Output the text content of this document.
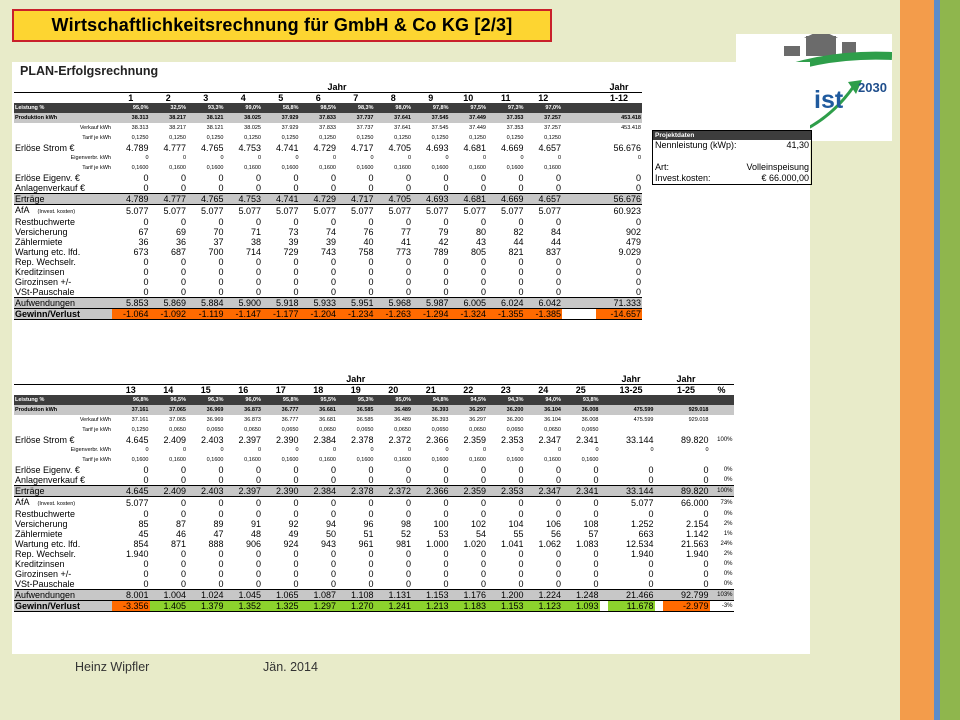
Wirtschaftlichkeitsrechnung für GmbH & Co KG [2/3]
ist 2030
PLAN-Erfolgsrechnung
	Jahr													Jahr
	1	2	3	4	5	6	7	8	9	10	11	12		1-12
Leistung %	95,0%	32,5%	93,3%	99,0%	58,8%	98,5%	98,3%	98,0%	97,8%	97,5%	97,3%	97,0%		
Produktion kWh	38.313	38.217	38.121	38.025	37.929	37.833	37.737	37.641	37.545	37.449	37.353	37.257		453.418
Verkauf kWh	38.313	38.217	38.121	38.025	37.929	37.833	37.737	37.641	37.545	37.449	37.353	37.257		453.418
Tarif je kWh	0,1250	0,1250	0,1250	0,1250	0,1250	0,1250	0,1250	0,1250	0,1250	0,1250	0,1250	0,1250		
Erlöse Strom €	4.789	4.777	4.765	4.753	4.741	4.729	4.717	4.705	4.693	4.681	4.669	4.657		56.676
Eigenverbr. kWh	0	0	0	0	0	0	0	0	0	0	0	0		0
Tarif je kWh	0,1600	0,1600	0,1600	0,1600	0,1600	0,1600	0,1600	0,1600	0,1600	0,1600	0,1600	0,1600		
Erlöse Eigenv. €	0	0	0	0	0	0	0	0	0	0	0	0		0
Anlagenverkauf €	0	0	0	0	0	0	0	0	0	0	0	0		0
Erträge	4.789	4.777	4.765	4.753	4.741	4.729	4.717	4.705	4.693	4.681	4.669	4.657		56.676
AfA (Invest. kosten)	5.077	5.077	5.077	5.077	5.077	5.077	5.077	5.077	5.077	5.077	5.077	5.077		60.923
Restbuchwerte	0	0	0	0	0	0	0	0	0	0	0	0		0
Versicherung	67	69	70	71	73	74	76	77	79	80	82	84		902
Zählermiete	36	36	37	38	39	39	40	41	42	43	44	44		479
Wartung etc. lfd.	673	687	700	714	729	743	758	773	789	805	821	837		9.029
Rep. Wechselr.	0	0	0	0	0	0	0	0	0	0	0	0		0
Kreditzinsen	0	0	0	0	0	0	0	0	0	0	0	0		0
Girozinsen +/-	0	0	0	0	0	0	0	0	0	0	0	0		0
VSt-Pauschale	0	0	0	0	0	0	0	0	0	0	0	0		0
Aufwendungen	5.853	5.869	5.884	5.900	5.918	5.933	5.951	5.968	5.987	6.005	6.024	6.042		71.333
Gewinn/Verlust	-1.064	-1.092	-1.119	-1.147	-1.177	-1.204	-1.234	-1.263	-1.294	-1.324	-1.355	-1.385		-14.657
	Jahr														Jahr		Jahr	
	13	14	15	16	17	18	19	20	21	22	23	24	25		13-25		1-25	%
Leistung %	96,8%	96,5%	96,3%	96,0%	95,8%	95,5%	95,3%	95,0%	94,8%	94,5%	94,3%	94,0%	93,8%					
Produktion kWh	37.161	37.065	36.969	36.873	36.777	36.681	36.585	36.489	36.393	36.297	36.200	36.104	36.008		475.599		929.018	
Verkauf kWh	37.161	37.065	36.969	36.873	36.777	36.681	36.585	36.489	36.393	36.297	36.200	36.104	36.008		475.599		929.018	
Tarif je kWh	0,1250	0,0650	0,0650	0,0650	0,0650	0,0650	0,0650	0,0650	0,0650	0,0650	0,0650	0,0650	0,0650					
Erlöse Strom €	4.645	2.409	2.403	2.397	2.390	2.384	2.378	2.372	2.366	2.359	2.353	2.347	2.341		33.144		89.820	100%
Eigenverbr. kWh	0	0	0	0	0	0	0	0	0	0	0	0	0		0		0	
Tarif je kWh	0,1600	0,1600	0,1600	0,1600	0,1600	0,1600	0,1600	0,1600	0,1600	0,1600	0,1600	0,1600	0,1600					
Erlöse Eigenv. €	0	0	0	0	0	0	0	0	0	0	0	0	0		0		0	0%
Anlagenverkauf €	0	0	0	0	0	0	0	0	0	0	0	0	0		0		0	0%
Erträge	4.645	2.409	2.403	2.397	2.390	2.384	2.378	2.372	2.366	2.359	2.353	2.347	2.341		33.144		89.820	100%
AfA (Invest. kosten)	5.077	0	0	0	0	0	0	0	0	0	0	0	0		5.077		66.000	73%
Restbuchwerte	0	0	0	0	0	0	0	0	0	0	0	0	0		0		0	0%
Versicherung	85	87	89	91	92	94	96	98	100	102	104	106	108		1.252		2.154	2%
Zählermiete	45	46	47	48	49	50	51	52	53	54	55	56	57		663		1.142	1%
Wartung etc. lfd.	854	871	888	906	924	943	961	981	1.000	1.020	1.041	1.062	1.083		12.534		21.563	24%
Rep. Wechselr.	1.940	0	0	0	0	0	0	0	0	0	0	0	0		1.940		1.940	2%
Kreditzinsen	0	0	0	0	0	0	0	0	0	0	0	0	0		0		0	0%
Girozinsen +/-	0	0	0	0	0	0	0	0	0	0	0	0	0		0		0	0%
VSt-Pauschale	0	0	0	0	0	0	0	0	0	0	0	0	0		0		0	0%
Aufwendungen	8.001	1.004	1.024	1.045	1.065	1.087	1.108	1.131	1.153	1.176	1.200	1.224	1.248		21.466		92.799	103%
Gewinn/Verlust	-3.356	1.405	1.379	1.352	1.325	1.297	1.270	1.241	1.213	1.183	1.153	1.123	1.093		11.678		-2.979	-3%
Projektdaten
Nennleistung (kWp):	41,30
Art:	Volleinspeisung
Invest.kosten:	€ 66.000,00
Heinz Wipfler	Jän. 2014
